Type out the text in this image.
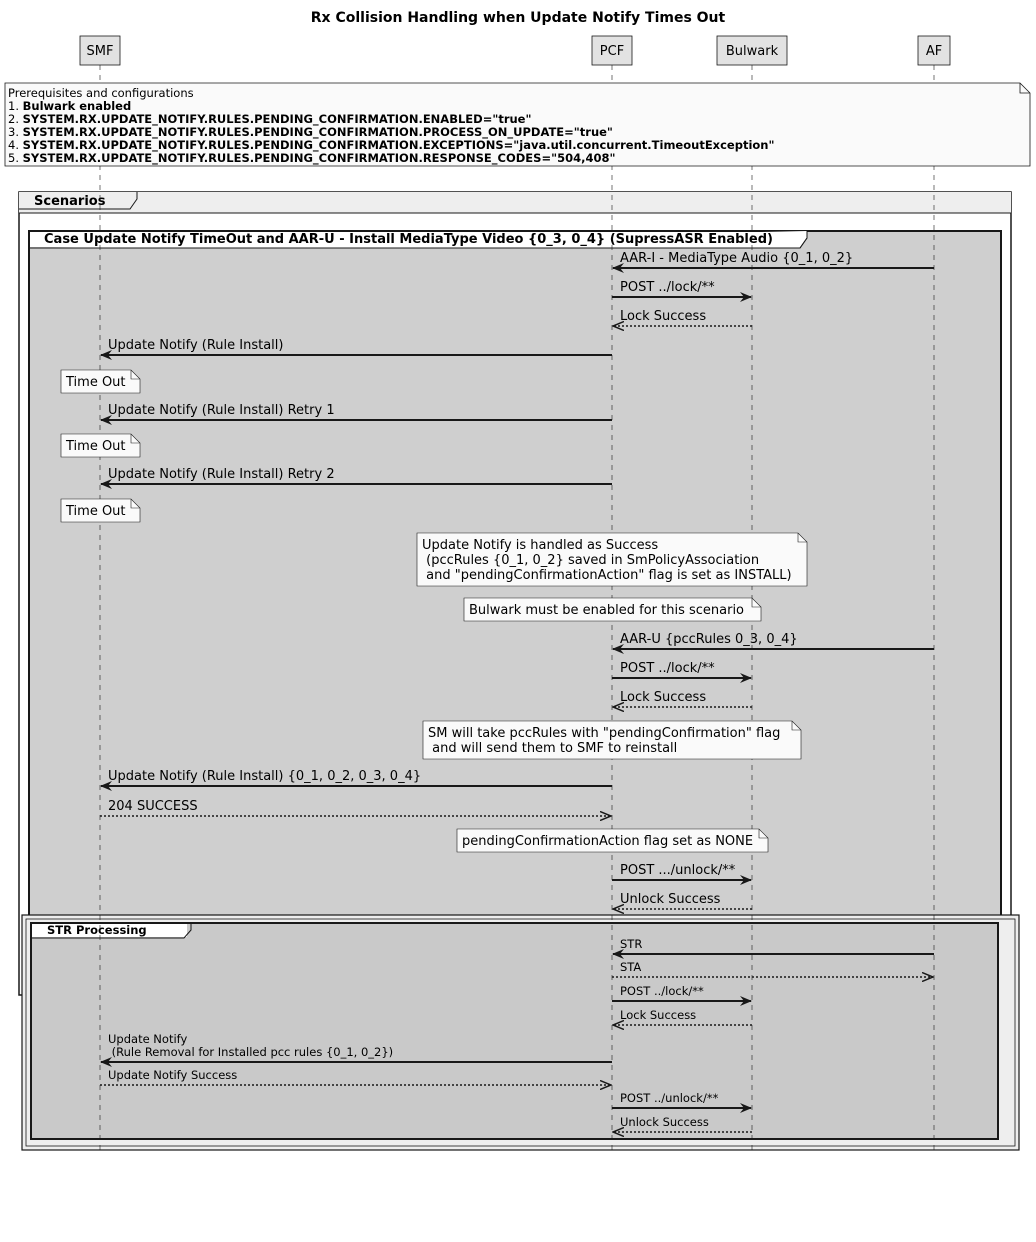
Rx Collision Handling when Update Notify Times Out
Scenarios
Case Update Notify TimeOut and AAR-U - Install MediaType Video {0_3, 0_4} (SupressASR Enabled)
STR Processing
SMF	PCF	Bulwark	AF
Prerequisites and configurations
1. Bulwark enabled
2. SYSTEM.RX.UPDATE_NOTIFY.RULES.PENDING_CONFIRMATION.ENABLED="true"
3. SYSTEM.RX.UPDATE_NOTIFY.RULES.PENDING_CONFIRMATION.PROCESS_ON_UPDATE="true"
4. SYSTEM.RX.UPDATE_NOTIFY.RULES.PENDING_CONFIRMATION.EXCEPTIONS="java.util.concurrent.TimeoutException"
5. SYSTEM.RX.UPDATE_NOTIFY.RULES.PENDING_CONFIRMATION.RESPONSE_CODES="504,408"
Time Out
Time Out
Time Out
Update Notify is handled as Success (pccRules {0_1, 0_2} saved in SmPolicyAssociation and "pendingConfirmationAction" flag is set as INSTALL)
Bulwark must be enabled for this scenario
SM will take pccRules with "pendingConfirmation" flag and will send them to SMF to reinstall
pendingConfirmationAction flag set as NONE
AAR-I - MediaType Audio {0_1, 0_2}
POST ../lock/**
Lock Success
Update Notify (Rule Install)
Update Notify (Rule Install) Retry 1
Update Notify (Rule Install) Retry 2
AAR-U {pccRules 0_3, 0_4}
POST ../lock/**
Lock Success
Update Notify (Rule Install) {0_1, 0_2, 0_3, 0_4}
204 SUCCESS
POST .../unlock/**
Unlock Success
STR
STA
POST ../lock/**
Lock Success
Update Notify (Rule Removal for Installed pcc rules {0_1, 0_2})
Update Notify Success
POST ../unlock/**
Unlock Success
